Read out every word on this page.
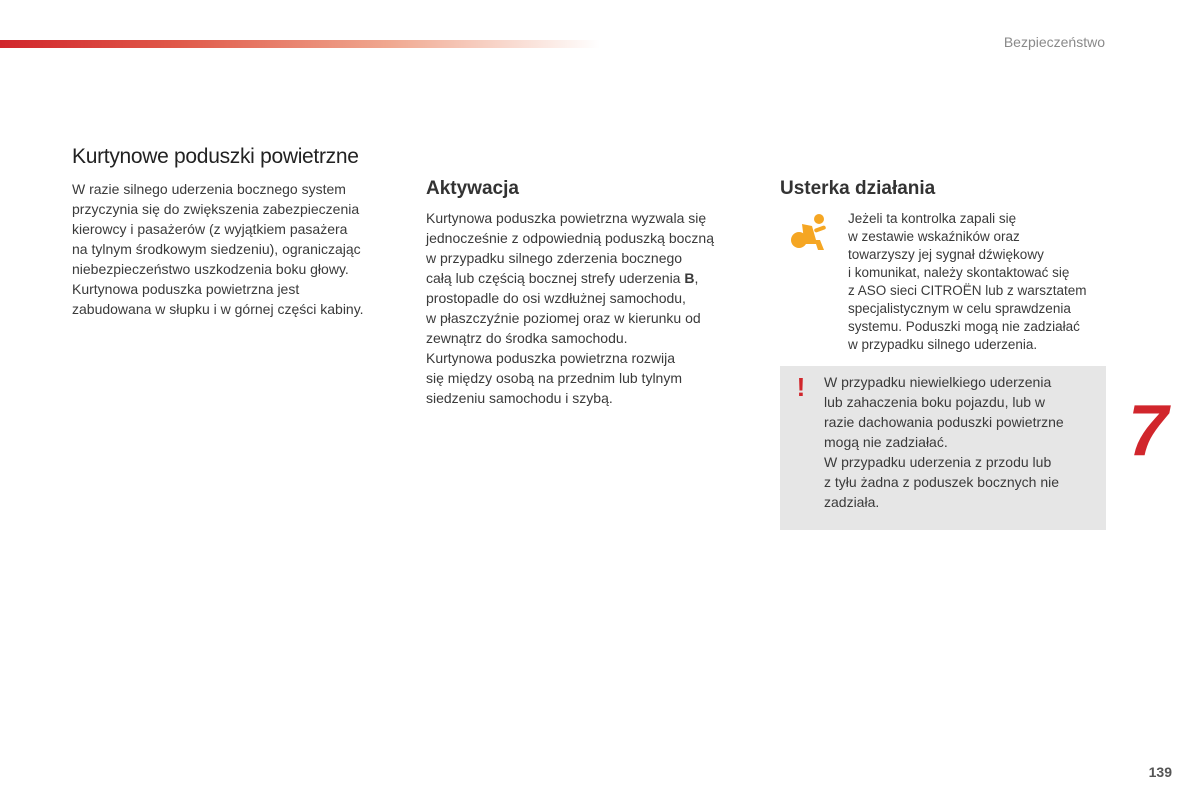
Bezpieczeństwo
Kurtynowe poduszki powietrzne

W razie silnego uderzenia bocznego system
przyczynia się do zwiększenia zabezpieczenia
kierowcy i pasażerów (z wyjątkiem pasażera
na tylnym środkowym siedzeniu), ograniczając
niebezpieczeństwo uszkodzenia boku głowy.
Kurtynowa poduszka powietrzna jest
zabudowana w słupku i w górnej części kabiny.

Aktywacja

Kurtynowa poduszka powietrzna wyzwala się
jednocześnie z odpowiednią poduszką boczną
w przypadku silnego zderzenia bocznego
całą lub częścią bocznej strefy uderzenia B,
prostopadle do osi wzdłużnej samochodu,
w płaszczyźnie poziomej oraz w kierunku od
zewnątrz do środka samochodu.
Kurtynowa poduszka powietrzna rozwija
się między osobą na przednim lub tylnym
siedzeniu samochodu i szybą.

Usterka działania
Jeżeli ta kontrolka zapali się
w zestawie wskaźników oraz
towarzyszy jej sygnał dźwiękowy
i komunikat, należy skontaktować się
z ASO sieci CITROËN lub z warsztatem
specjalistycznym w celu sprawdzenia
systemu. Poduszki mogą nie zadziałać
w przypadku silnego uderzenia.
!	W przypadku niewielkiego uderzenia
lub zahaczenia boku pojazdu, lub w
razie dachowania poduszki powietrzne
mogą nie zadziałać.
W przypadku uderzenia z przodu lub
z tyłu żadna z poduszek bocznych nie
zadziała.
7
139
